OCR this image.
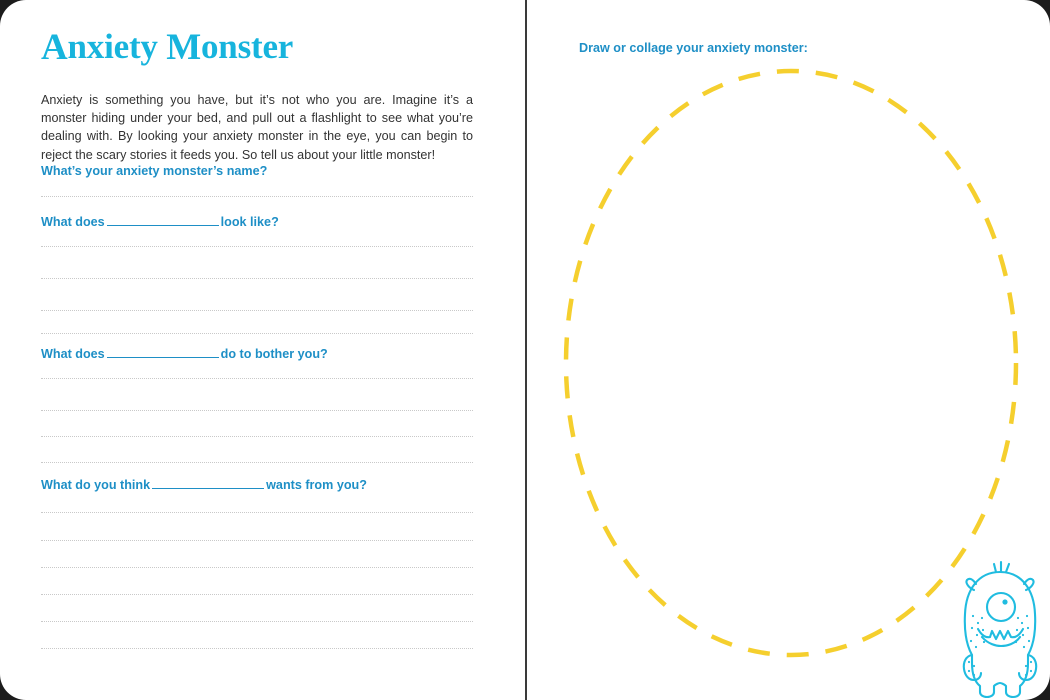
Anxiety Monster

Anxiety is something you have, but it’s not who you are. Imagine it’s a monster hiding under your bed, and pull out a flashlight to see what you’re dealing with. By looking your anxiety monster in the eye, you can begin to reject the scary stories it feeds you. So tell us about your little monster!

What’s your anxiety monster’s name?
What does	look like?
What does	do to bother you?
What do you think	wants from you?
Draw or collage your anxiety monster:
